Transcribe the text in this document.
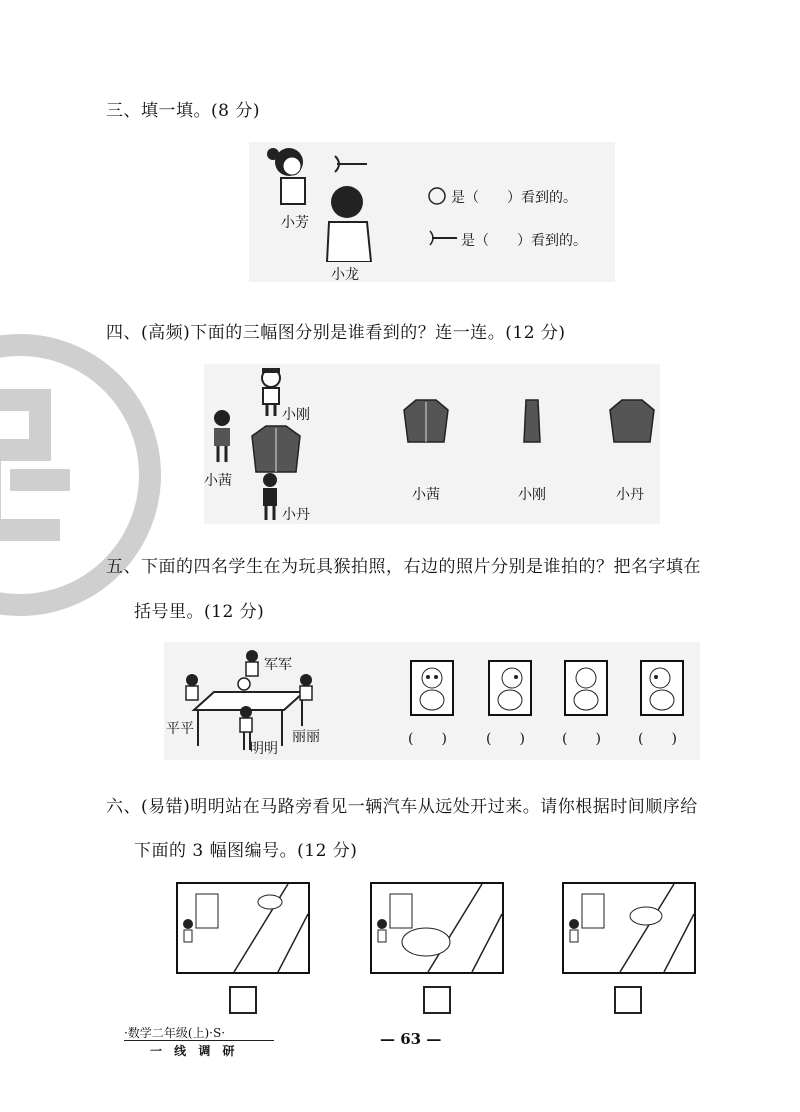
三、填一填。(8 分)
小芳
小龙
是（　　）看到的。
是（　　）看到的。
四、(高频)下面的三幅图分别是谁看到的？连一连。(12 分)
小刚
小茜
小丹
小茜	小刚	小丹
五、下面的四名学生在为玩具猴拍照，右边的照片分别是谁拍的？把名字填在
括号里。(12 分)
军军
平平
明明
丽丽	(　　)	(　　)	(　　)	(　　)
六、(易错)明明站在马路旁看见一辆汽车从远处开过来。请你根据时间顺序给
下面的 3 幅图编号。(12 分)
·数学二年级(上)·S·
一 线 调 研
— 63 —
